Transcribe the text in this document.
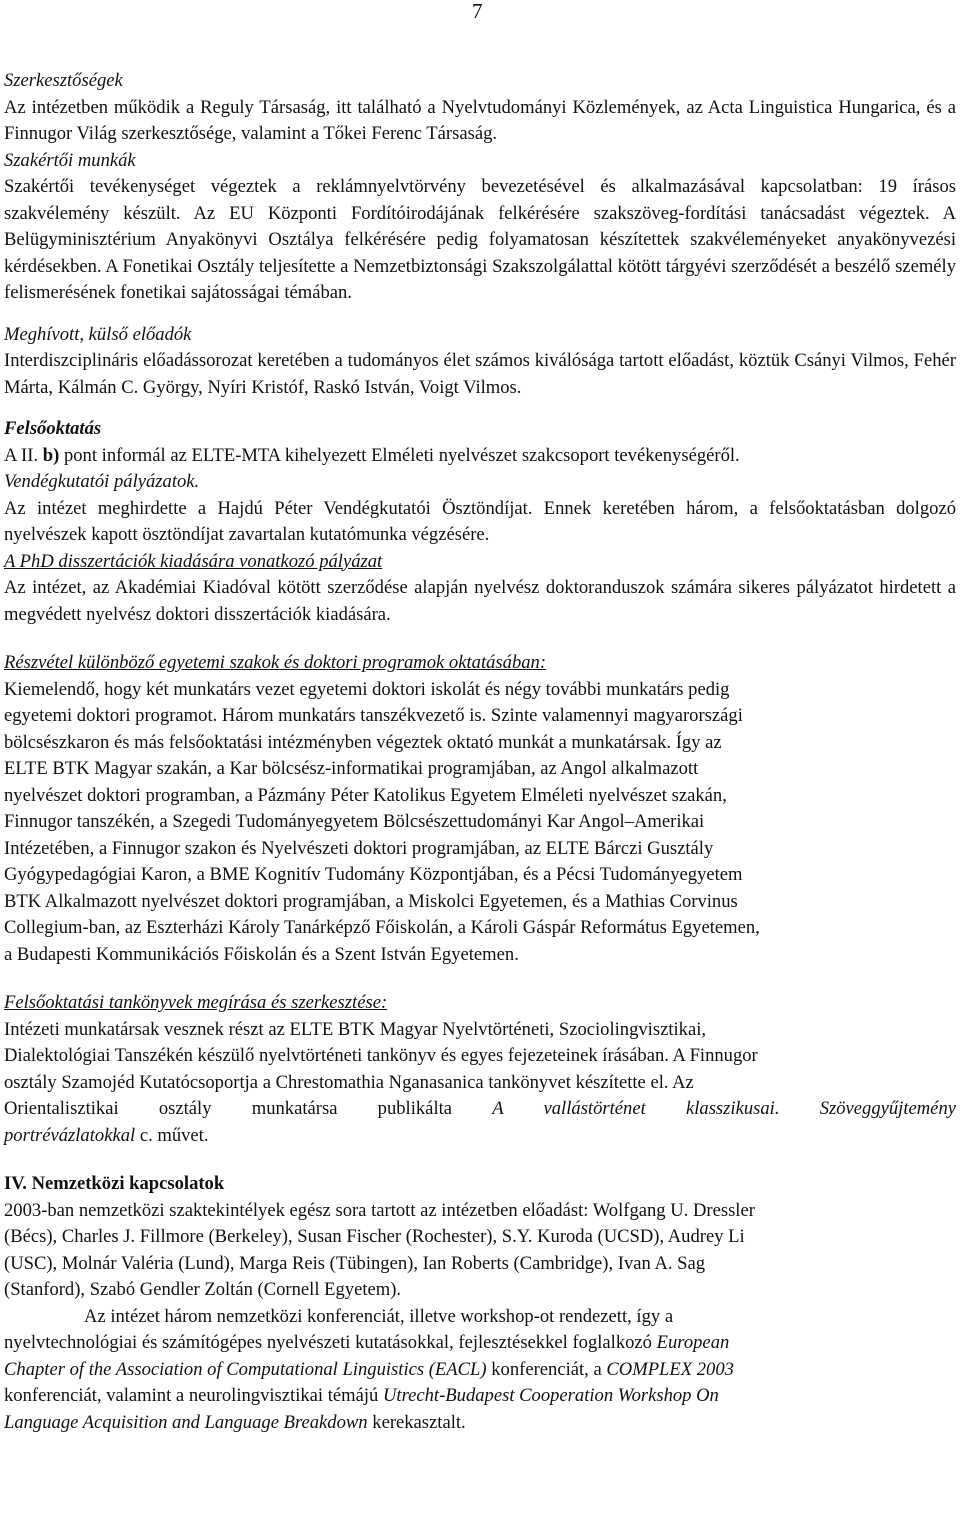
7

Szerkesztőségek

Az intézetben működik a Reguly Társaság, itt található a Nyelvtudományi Közlemények, az Acta Linguistica Hungarica, és a Finnugor Világ szerkesztősége, valamint a Tőkei Ferenc Társaság.

Szakértői munkák

Szakértői tevékenységet végeztek a reklámnyelvtörvény bevezetésével és alkalmazásával kapcsolatban: 19 írásos szakvélemény készült. Az EU Központi Fordítóirodájának felkérésére szakszöveg-fordítási tanácsadást végeztek. A Belügyminisztérium Anyakönyvi Osztálya felkérésére pedig folyamatosan készítettek szakvéleményeket anyakönyvezési kérdésekben. A Fonetikai Osztály teljesítette a Nemzetbiztonsági Szakszolgálattal kötött tárgyévi szerződését a beszélő személy felismerésének fonetikai sajátosságai témában.

Meghívott, külső előadók

Interdiszciplináris előadássorozat keretében a tudományos élet számos kiválósága tartott előadást, köztük Csányi Vilmos, Fehér Márta, Kálmán C. György, Nyíri Kristóf, Raskó István, Voigt Vilmos.

Felsőoktatás

A II. b) pont informál az ELTE-MTA kihelyezett Elméleti nyelvészet szakcsoport tevékenységéről.

Vendégkutatói pályázatok.

Az intézet meghirdette a Hajdú Péter Vendégkutatói Ösztöndíjat. Ennek keretében három, a felsőoktatásban dolgozó nyelvészek kapott ösztöndíjat zavartalan kutatómunka végzésére.

A PhD disszertációk kiadására vonatkozó pályázat

Az intézet, az Akadémiai Kiadóval kötött szerződése alapján nyelvész doktoranduszok számára sikeres pályázatot hirdetett a megvédett nyelvész doktori disszertációk kiadására.

Részvétel különböző egyetemi szakok és doktori programok oktatásában:

Kiemelendő, hogy két munkatárs vezet egyetemi doktori iskolát és négy további munkatárs pedig

egyetemi doktori programot. Három munkatárs tanszékvezető is. Szinte valamennyi magyarországi

bölcsészkaron és más felsőoktatási intézményben végeztek oktató munkát a munkatársak. Így az

ELTE BTK Magyar szakán, a Kar bölcsész-informatikai programjában, az Angol alkalmazott

nyelvészet doktori programban, a Pázmány Péter Katolikus Egyetem Elméleti nyelvészet szakán,

Finnugor tanszékén, a Szegedi Tudományegyetem Bölcsészettudományi Kar Angol–Amerikai

Intézetében, a Finnugor szakon és Nyelvészeti doktori programjában, az ELTE Bárczi Gusztály

Gyógypedagógiai Karon, a BME Kognitív Tudomány Központjában, és a Pécsi Tudományegyetem

BTK Alkalmazott nyelvészet doktori programjában, a Miskolci Egyetemen, és a Mathias Corvinus

Collegium-ban, az Eszterházi Károly Tanárképző Főiskolán, a Károli Gáspár Református Egyetemen,

a Budapesti Kommunikációs Főiskolán és a Szent István Egyetemen.

Felsőoktatási tankönyvek megírása és szerkesztése:

Intézeti munkatársak vesznek részt az ELTE BTK Magyar Nyelvtörténeti, Szociolingvisztikai,

Dialektológiai Tanszékén készülő nyelvtörténeti tankönyv és egyes fejezeteinek írásában. A Finnugor

osztály Szamojéd Kutatócsoportja a Chrestomathia Nganasanica tankönyvet készítette el. Az

Orientalisztikai osztály munkatársa publikálta A vallástörténet klasszikusai. Szöveggyűjtemény

portrévázlatokkal c. művet.

IV. Nemzetközi kapcsolatok

2003-ban nemzetközi szaktekintélyek egész sora tartott az intézetben előadást: Wolfgang U. Dressler

(Bécs), Charles J. Fillmore (Berkeley), Susan Fischer (Rochester), S.Y. Kuroda (UCSD), Audrey Li

(USC), Molnár Valéria (Lund), Marga Reis (Tübingen), Ian Roberts (Cambridge), Ivan A. Sag

(Stanford), Szabó Gendler Zoltán (Cornell Egyetem).

Az intézet három nemzetközi konferenciát, illetve workshop-ot rendezett, így a

nyelvtechnológiai és számítógépes nyelvészeti kutatásokkal, fejlesztésekkel foglalkozó European

Chapter of the Association of Computational Linguistics (EACL) konferenciát, a COMPLEX 2003

konferenciát, valamint a neurolingvisztikai témájú Utrecht-Budapest Cooperation Workshop On

Language Acquisition and Language Breakdown kerekasztalt.
